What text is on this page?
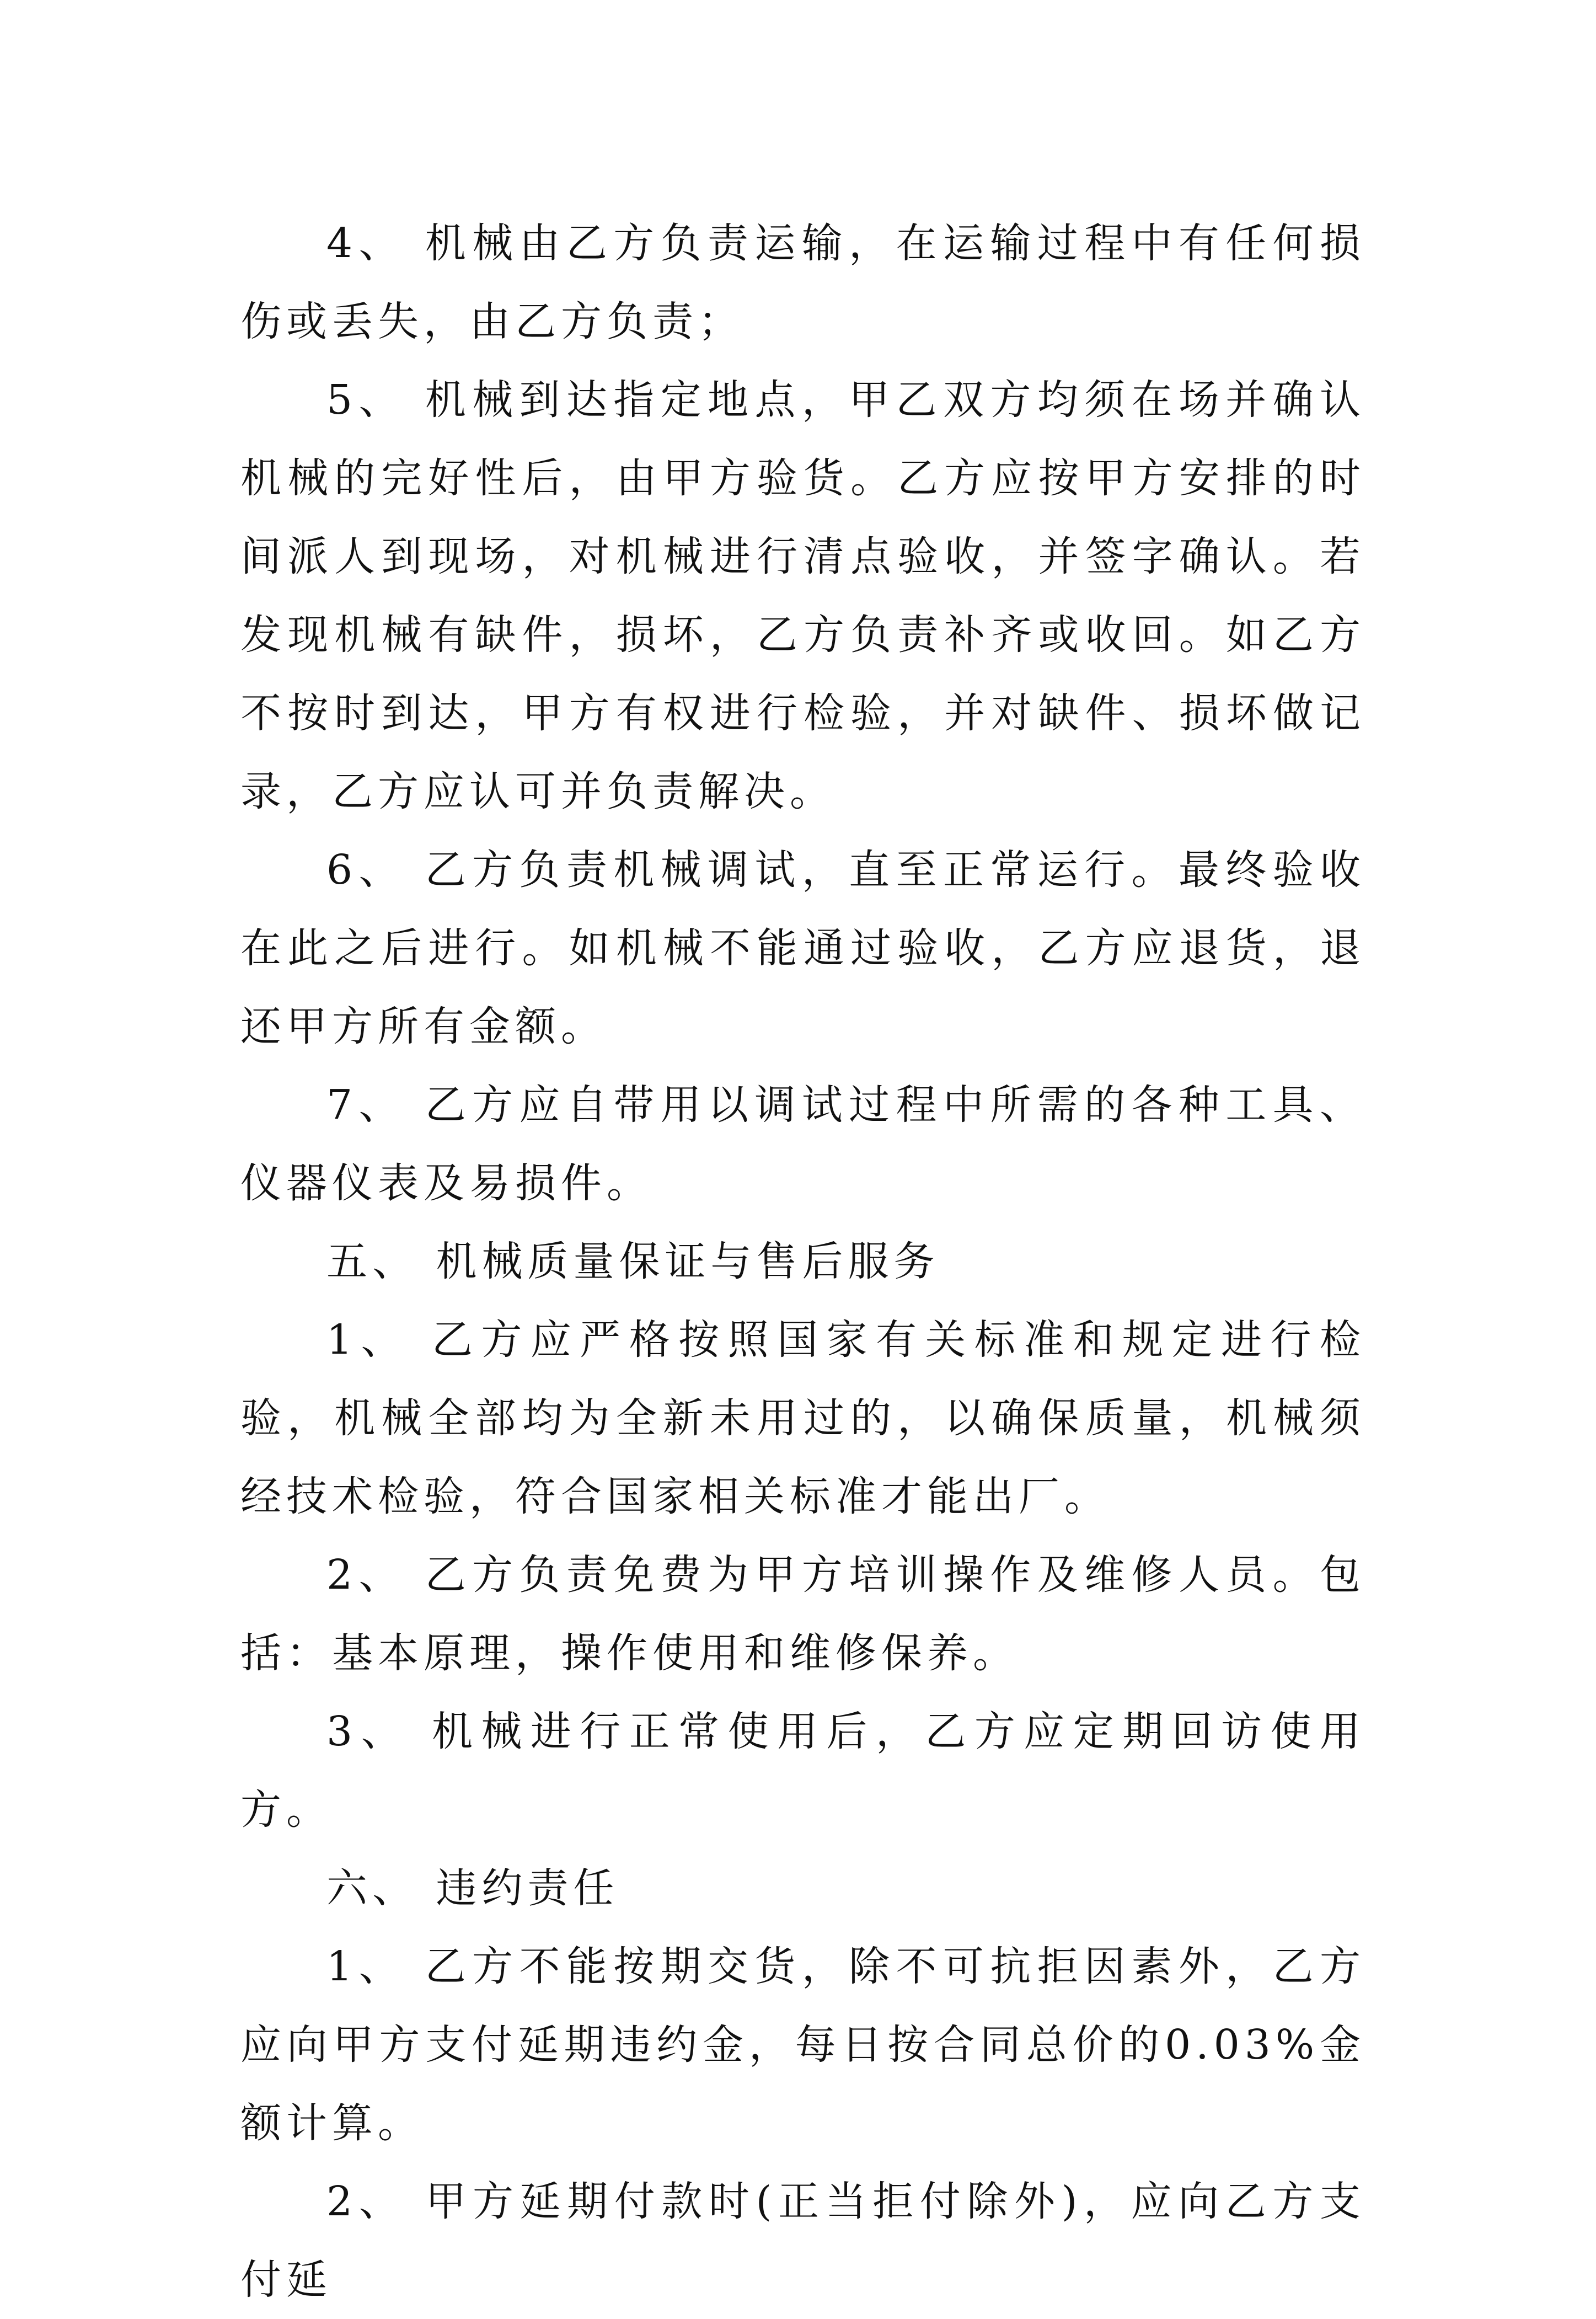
4、 机械由乙方负责运输，在运输过程中有任何损伤或丢失，由乙方负责；

5、 机械到达指定地点，甲乙双方均须在场并确认机械的完好性后，由甲方验货。乙方应按甲方安排的时间派人到现场，对机械进行清点验收，并签字确认。若发现机械有缺件，损坏，乙方负责补齐或收回。如乙方不按时到达，甲方有权进行检验，并对缺件、损坏做记录，乙方应认可并负责解决。

6、 乙方负责机械调试，直至正常运行。最终验收在此之后进行。如机械不能通过验收，乙方应退货，退还甲方所有金额。

7、 乙方应自带用以调试过程中所需的各种工具、仪器仪表及易损件。

五、 机械质量保证与售后服务

1、 乙方应严格按照国家有关标准和规定进行检验，机械全部均为全新未用过的，以确保质量，机械须经技术检验，符合国家相关标准才能出厂。

2、 乙方负责免费为甲方培训操作及维修人员。包括：基本原理，操作使用和维修保养。

3、 机械进行正常使用后，乙方应定期回访使用方。

六、 违约责任

1、 乙方不能按期交货，除不可抗拒因素外，乙方应向甲方支付延期违约金，每日按合同总价的0.03%金额计算。

2、 甲方延期付款时(正当拒付除外)，应向乙方支付延
